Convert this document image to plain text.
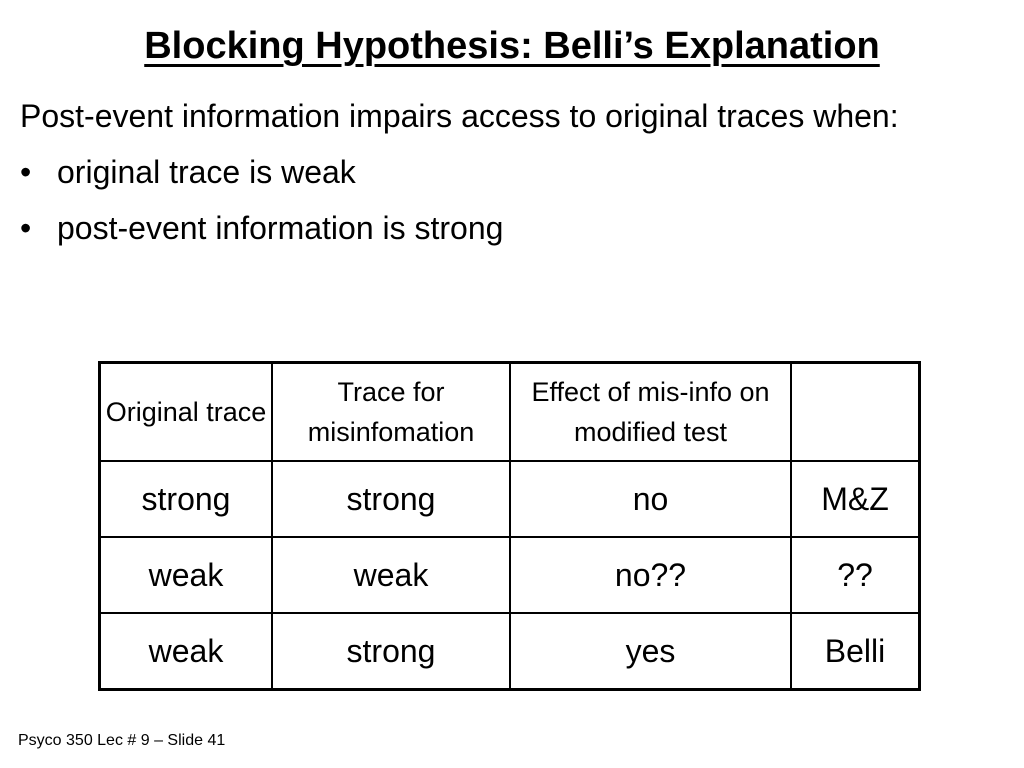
Blocking Hypothesis: Belli’s Explanation
Post-event information impairs access to original traces when:
• original trace is weak
• post-event information is strong
Original trace	Trace for misinfomation	Effect of mis-info on modified test	
strong	strong	no	M&Z
weak	weak	no??	??
weak	strong	yes	Belli
Psyco 350 Lec # 9 – Slide 41
